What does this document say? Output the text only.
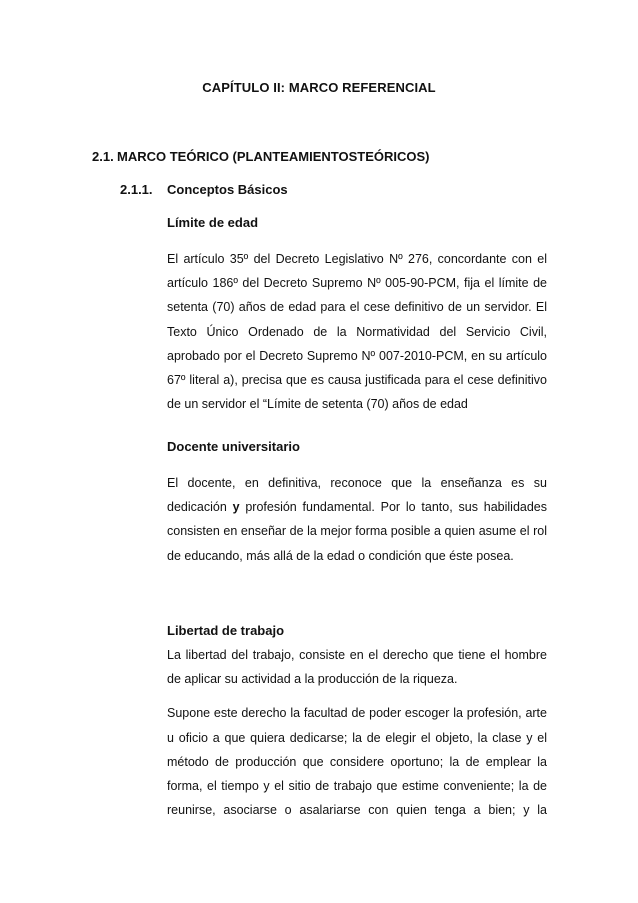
CAPÍTULO II: MARCO REFERENCIAL
2.1. MARCO TEÓRICO (PLANTEAMIENTOSTEÓRICOS)
2.1.1. Conceptos Básicos

Límite de edad

El artículo 35º del Decreto Legislativo Nº 276, concordante con el artículo 186º del Decreto Supremo Nº 005-90-PCM, fija el límite de setenta (70) años de edad para el cese definitivo de un servidor. El Texto Único Ordenado de la Normatividad del Servicio Civil, aprobado por el Decreto Supremo Nº 007-2010-PCM, en su artículo 67º literal a), precisa que es causa justificada para el cese definitivo de un servidor el “Límite de setenta (70) años de edad

Docente universitario

El docente, en definitiva, reconoce que la enseñanza es su dedicación y profesión fundamental. Por lo tanto, sus habilidades consisten en enseñar de la mejor forma posible a quien asume el rol de educando, más allá de la edad o condición que éste posea.

Libertad de trabajo

La libertad del trabajo, consiste en el derecho que tiene el hombre de aplicar su actividad a la producción de la riqueza.

Supone este derecho la facultad de poder escoger la profesión, arte u oficio a que quiera dedicarse; la de elegir el objeto, la clase y el método de producción que considere oportuno; la de emplear la forma, el tiempo y el sitio de trabajo que estime conveniente; la de reunirse, asociarse o asalariarse con quien tenga a bien; y la
